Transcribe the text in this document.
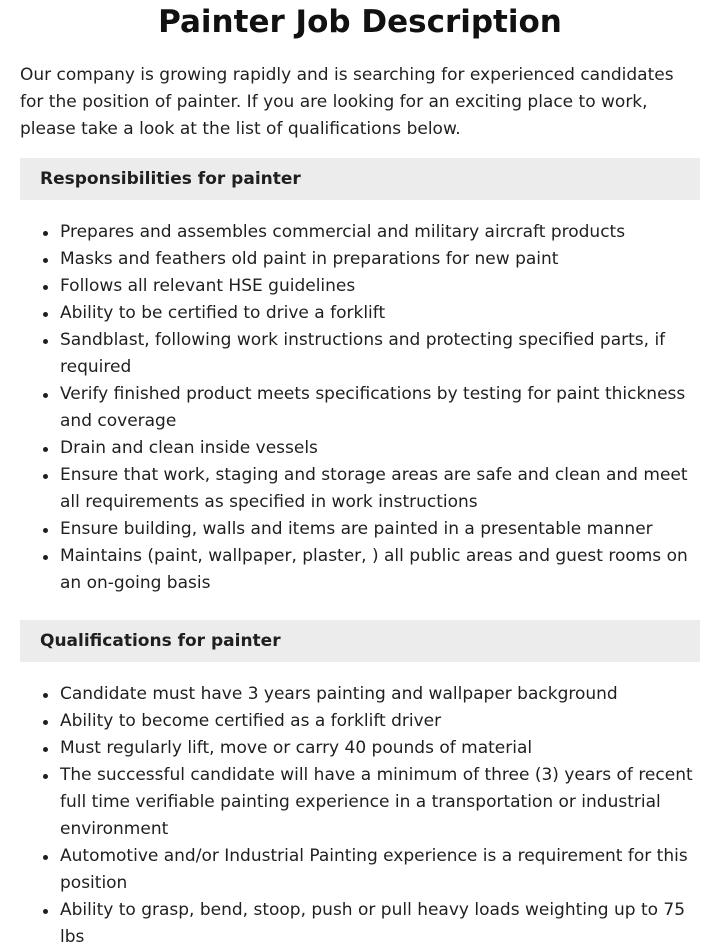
Painter Job Description

Our company is growing rapidly and is searching for experienced candidates for the position of painter. If you are looking for an exciting place to work, please take a look at the list of qualifications below.

Responsibilities for painter
Prepares and assembles commercial and military aircraft products
Masks and feathers old paint in preparations for new paint
Follows all relevant HSE guidelines
Ability to be certified to drive a forklift
Sandblast, following work instructions and protecting specified parts, if required
Verify finished product meets specifications by testing for paint thickness and coverage
Drain and clean inside vessels
Ensure that work, staging and storage areas are safe and clean and meet all requirements as specified in work instructions
Ensure building, walls and items are painted in a presentable manner
Maintains (paint, wallpaper, plaster, ) all public areas and guest rooms on an on-going basis
Qualifications for painter
Candidate must have 3 years painting and wallpaper background
Ability to become certified as a forklift driver
Must regularly lift, move or carry 40 pounds of material
The successful candidate will have a minimum of three (3) years of recent full time verifiable painting experience in a transportation or industrial environment
Automotive and/or Industrial Painting experience is a requirement for this position
Ability to grasp, bend, stoop, push or pull heavy loads weighting up to 75 lbs
